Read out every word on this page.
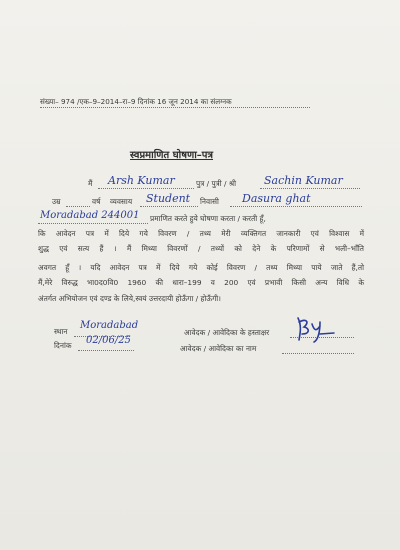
संख्या– 974 /एक–9–2014–रा–9 दिनांक 16 जून 2014 का संलग्नक
स्वप्रमाणित घोषणा–पत्र
मैं Arsh Kumar	पुत्र / पुत्री / श्री	Sachin Kumar
उम्र	वर्ष व्यवसाय Student निवासी Dasura ghat
Moradabad 244001 प्रमाणित करते हुये घोषणा करता / करती हूँ,
कि आवेदन पत्र में दिये गये विवरण / तथ्य मेरी व्यक्तिगत जानकारी एवं विश्वास में
शुद्ध एवं सत्य हैं । मैं मिथ्या विवरणों / तथ्यों को देने के परिणामों से भली–भाँति
अवगत हूँ । यदि आवेदन पत्र में दिये गये कोई विवरण / तथ्य मिथ्या पाये जाते हैं,तो
मैं,मेरे विरुद्ध भा0द0वि0 1960 की धारा–199 व 200 एवं प्रभावी किसी अन्य विधि के
अंतर्गत अभियोजन एवं दण्ड के लिये,स्वयं उत्तरदायी होऊँगा / होऊँगी।
स्थान
Moradabad
दिनांक 02/06/25
आवेदक / आवेदिका के हस्ताक्षर
आवेदक / आवेदिका का नाम
